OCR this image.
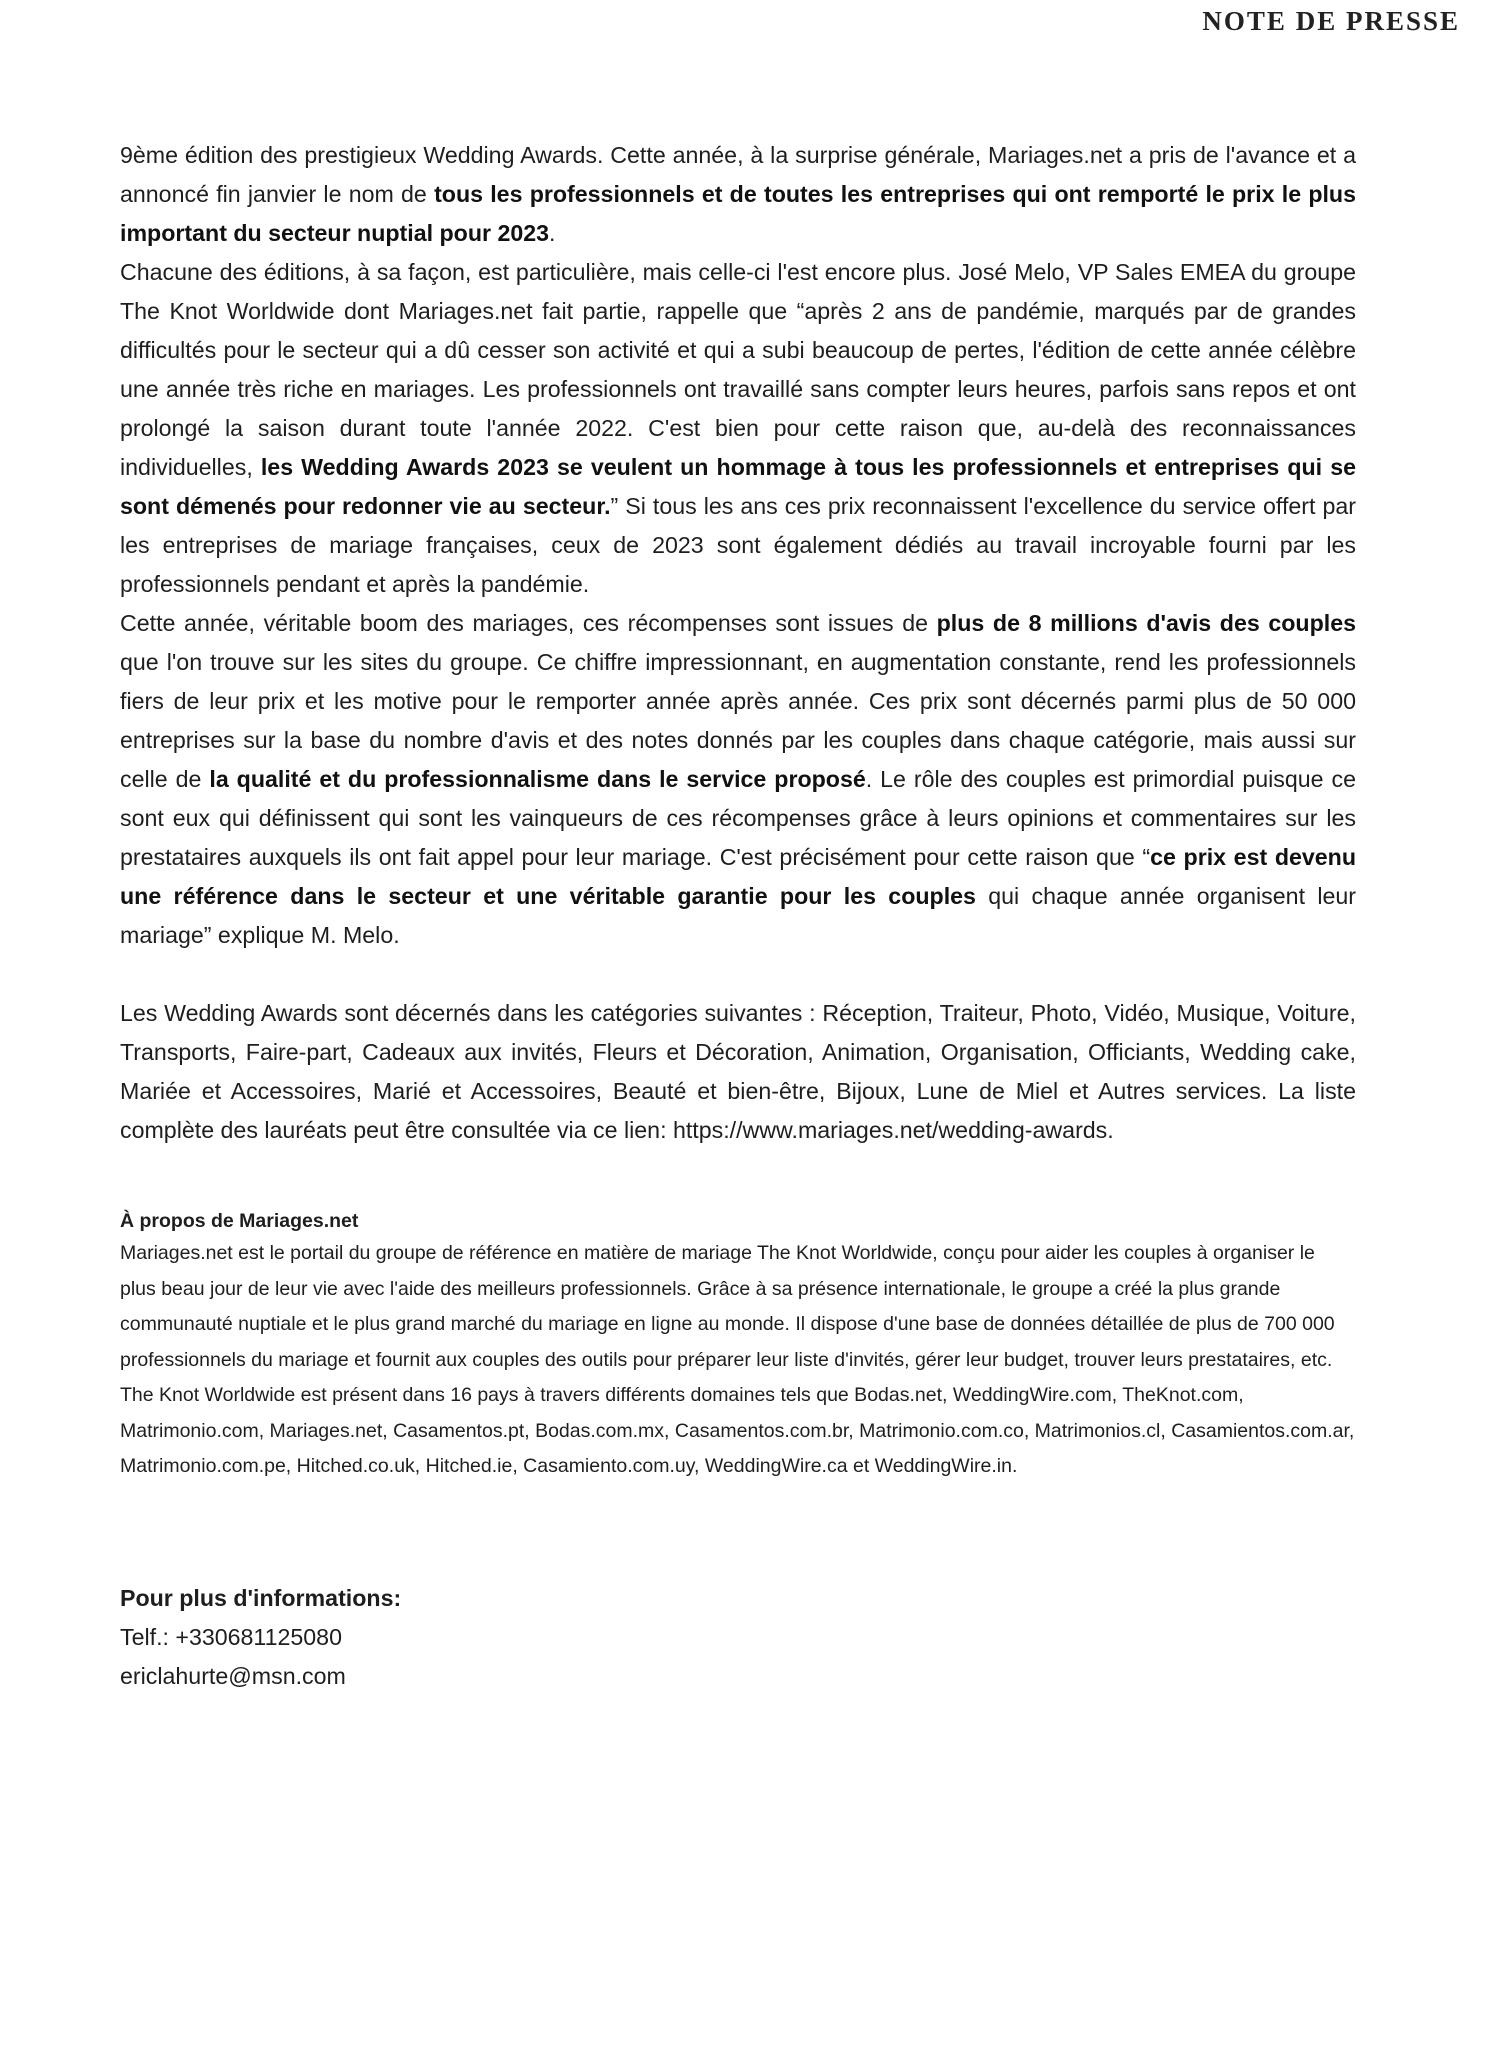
NOTE DE PRESSE

9ème édition des prestigieux Wedding Awards. Cette année, à la surprise générale, Mariages.net a pris de l'avance et a annoncé fin janvier le nom de tous les professionnels et de toutes les entreprises qui ont remporté le prix le plus important du secteur nuptial pour 2023.

Chacune des éditions, à sa façon, est particulière, mais celle-ci l'est encore plus. José Melo, VP Sales EMEA du groupe The Knot Worldwide dont Mariages.net fait partie, rappelle que “après 2 ans de pandémie, marqués par de grandes difficultés pour le secteur qui a dû cesser son activité et qui a subi beaucoup de pertes, l'édition de cette année célèbre une année très riche en mariages. Les professionnels ont travaillé sans compter leurs heures, parfois sans repos et ont prolongé la saison durant toute l'année 2022. C'est bien pour cette raison que, au-delà des reconnaissances individuelles, les Wedding Awards 2023 se veulent un hommage à tous les professionnels et entreprises qui se sont démenés pour redonner vie au secteur.” Si tous les ans ces prix reconnaissent l'excellence du service offert par les entreprises de mariage françaises, ceux de 2023 sont également dédiés au travail incroyable fourni par les professionnels pendant et après la pandémie.

Cette année, véritable boom des mariages, ces récompenses sont issues de plus de 8 millions d'avis des couples que l'on trouve sur les sites du groupe. Ce chiffre impressionnant, en augmentation constante, rend les professionnels fiers de leur prix et les motive pour le remporter année après année. Ces prix sont décernés parmi plus de 50 000 entreprises sur la base du nombre d'avis et des notes donnés par les couples dans chaque catégorie, mais aussi sur celle de la qualité et du professionnalisme dans le service proposé. Le rôle des couples est primordial puisque ce sont eux qui définissent qui sont les vainqueurs de ces récompenses grâce à leurs opinions et commentaires sur les prestataires auxquels ils ont fait appel pour leur mariage. C'est précisément pour cette raison que “ce prix est devenu une référence dans le secteur et une véritable garantie pour les couples qui chaque année organisent leur mariage” explique M. Melo.

Les Wedding Awards sont décernés dans les catégories suivantes : Réception, Traiteur, Photo, Vidéo, Musique, Voiture, Transports, Faire-part, Cadeaux aux invités, Fleurs et Décoration, Animation, Organisation, Officiants, Wedding cake, Mariée et Accessoires, Marié et Accessoires, Beauté et bien-être, Bijoux, Lune de Miel et Autres services. La liste complète des lauréats peut être consultée via ce lien: https://www.mariages.net/wedding-awards.

À propos de Mariages.net

Mariages.net est le portail du groupe de référence en matière de mariage The Knot Worldwide, conçu pour aider les couples à organiser le plus beau jour de leur vie avec l'aide des meilleurs professionnels. Grâce à sa présence internationale, le groupe a créé la plus grande communauté nuptiale et le plus grand marché du mariage en ligne au monde. Il dispose d'une base de données détaillée de plus de 700 000 professionnels du mariage et fournit aux couples des outils pour préparer leur liste d'invités, gérer leur budget, trouver leurs prestataires, etc. The Knot Worldwide est présent dans 16 pays à travers différents domaines tels que Bodas.net, WeddingWire.com, TheKnot.com, Matrimonio.com, Mariages.net, Casamentos.pt, Bodas.com.mx, Casamentos.com.br, Matrimonio.com.co, Matrimonios.cl, Casamientos.com.ar, Matrimonio.com.pe, Hitched.co.uk, Hitched.ie, Casamiento.com.uy, WeddingWire.ca et WeddingWire.in.

Pour plus d'informations:
Telf.: +330681125080
ericlahurte@msn.com
